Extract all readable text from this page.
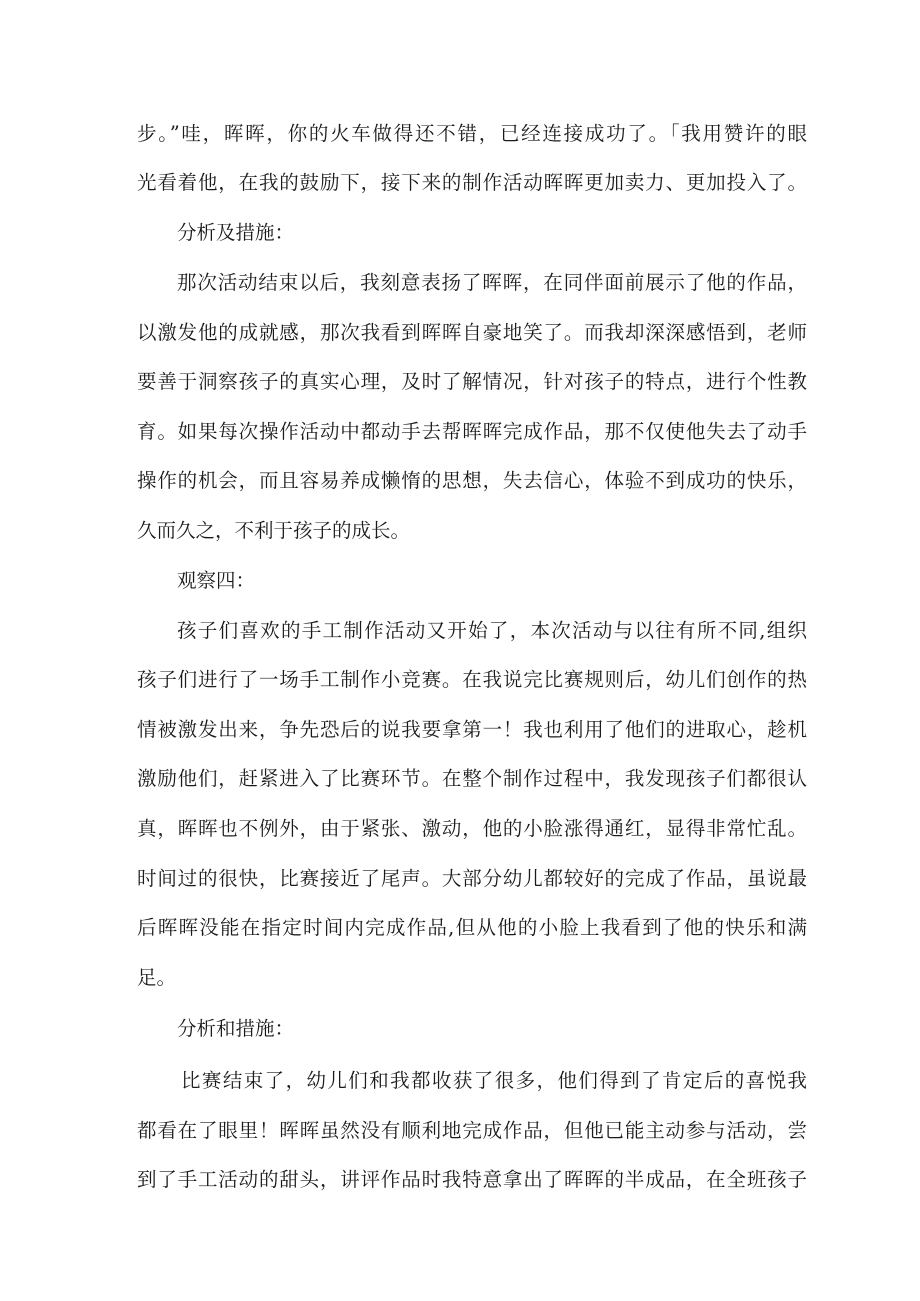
步。”哇，晖晖，你的火车做得还不错，已经连接成功了。「我用赞许的眼
光看着他，在我的鼓励下，接下来的制作活动晖晖更加卖力、更加投入了。
分析及措施：
那次活动结束以后，我刻意表扬了晖晖，在同伴面前展示了他的作品，
以激发他的成就感，那次我看到晖晖自豪地笑了。而我却深深感悟到，老师
要善于洞察孩子的真实心理，及时了解情况，针对孩子的特点，进行个性教
育。如果每次操作活动中都动手去帮晖晖完成作品，那不仅使他失去了动手
操作的机会，而且容易养成懒惰的思想，失去信心，体验不到成功的快乐，
久而久之，不利于孩子的成长。
观察四：
孩子们喜欢的手工制作活动又开始了，本次活动与以往有所不同,组织
孩子们进行了一场手工制作小竞赛。在我说完比赛规则后，幼儿们创作的热
情被激发出来，争先恐后的说我要拿第一！我也利用了他们的进取心，趁机
激励他们，赶紧进入了比赛环节。在整个制作过程中，我发现孩子们都很认
真，晖晖也不例外，由于紧张、激动，他的小脸涨得通红，显得非常忙乱。
时间过的很快，比赛接近了尾声。大部分幼儿都较好的完成了作品，虽说最
后晖晖没能在指定时间内完成作品,但从他的小脸上我看到了他的快乐和满
足。
分析和措施：
比赛结束了，幼儿们和我都收获了很多，他们得到了肯定后的喜悦我
都看在了眼里！晖晖虽然没有顺利地完成作品，但他已能主动参与活动，尝
到了手工活动的甜头，讲评作品时我特意拿出了晖晖的半成品，在全班孩子
